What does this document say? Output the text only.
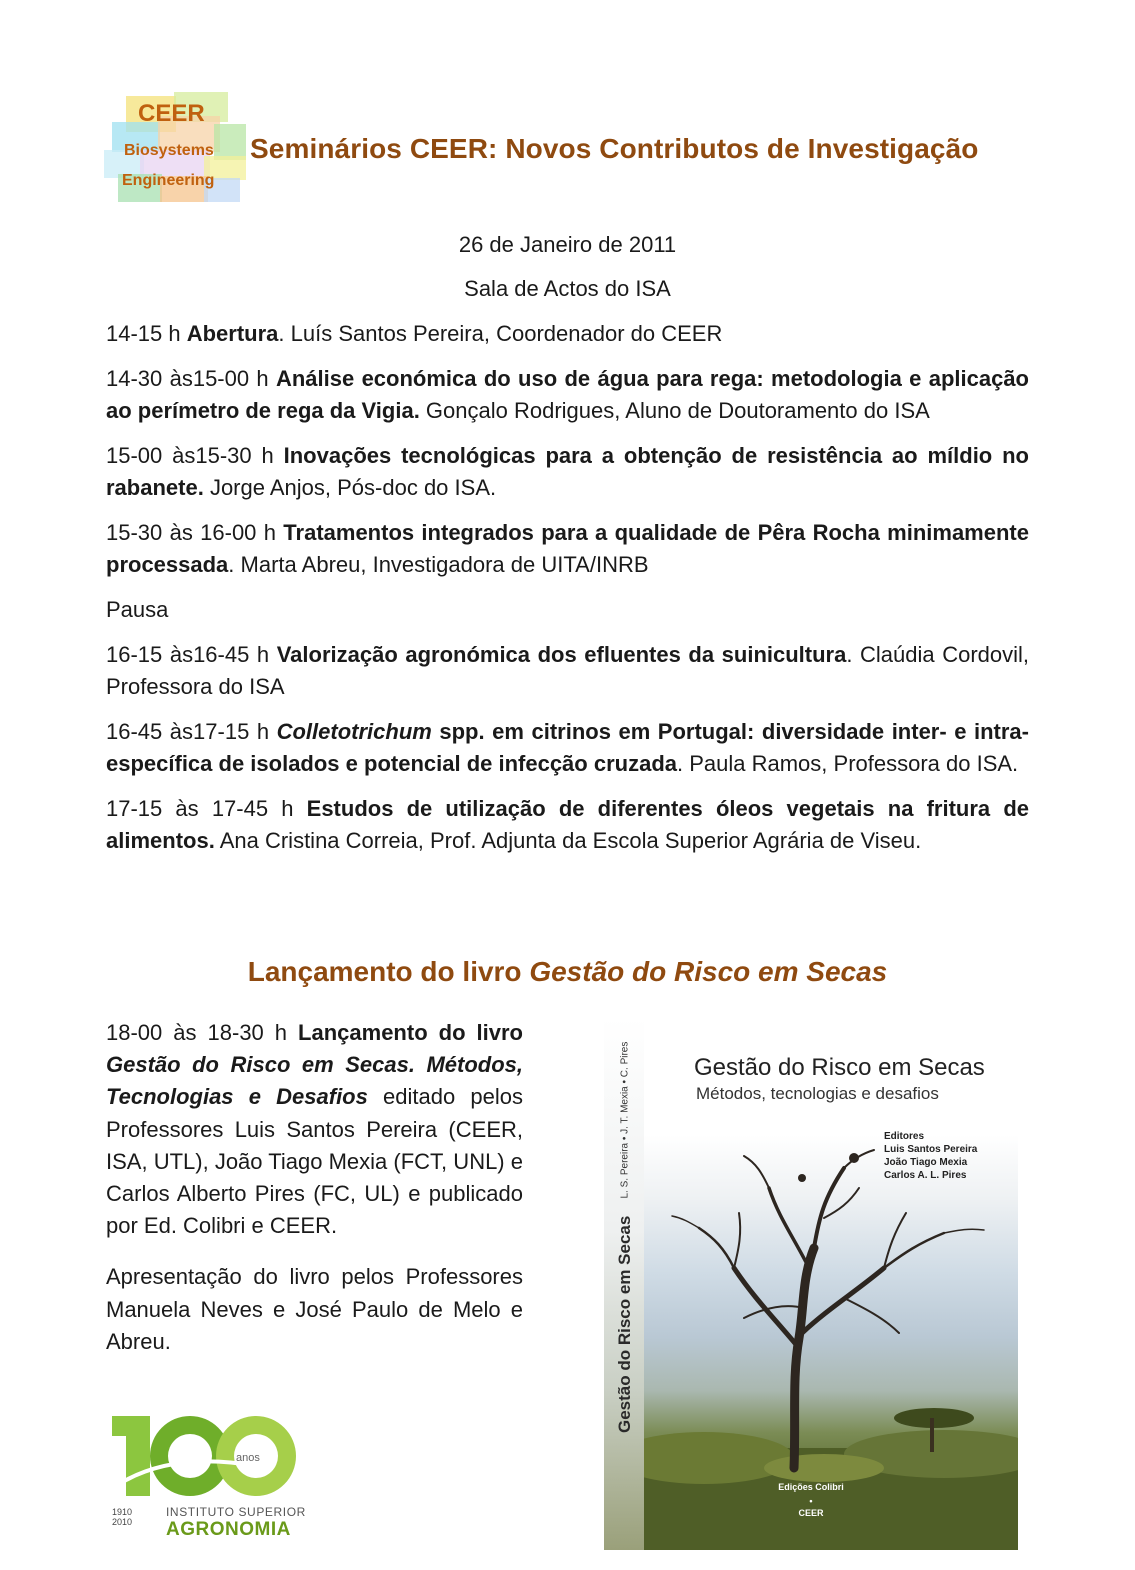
CEER
Biosystems
Engineering
Seminários CEER: Novos Contributos de Investigação
26 de Janeiro de 2011
Sala de Actos do ISA

14-15 h Abertura. Luís Santos Pereira, Coordenador do CEER

14-30 às15-00 h Análise económica do uso de água para rega: metodologia e aplicação ao perímetro de rega da Vigia. Gonçalo Rodrigues, Aluno de Doutoramento do ISA

15-00 às15-30 h Inovações tecnológicas para a obtenção de resistência ao míldio no rabanete. Jorge Anjos, Pós-doc do ISA.

15-30 às 16-00 h Tratamentos integrados para a qualidade de Pêra Rocha minimamente processada. Marta Abreu, Investigadora de UITA/INRB

Pausa

16-15 às16-45 h Valorização agronómica dos efluentes da suinicultura. Claúdia Cordovil, Professora do ISA

16-45 às17-15 h Colletotrichum spp. em citrinos em Portugal: diversidade inter- e intra-específica de isolados e potencial de infecção cruzada. Paula Ramos, Professora do ISA.

17-15 às 17-45 h Estudos de utilização de diferentes óleos vegetais na fritura de alimentos. Ana Cristina Correia, Prof. Adjunta da Escola Superior Agrária de Viseu.

Lançamento do livro Gestão do Risco em Secas

18-00 às 18-30 h Lançamento do livro Gestão do Risco em Secas. Métodos, Tecnologias e Desafios editado pelos Professores Luis Santos Pereira (CEER, ISA, UTL), João Tiago Mexia (FCT, UNL) e Carlos Alberto Pires (FC, UL) e publicado por Ed. Colibri e CEER.

Apresentação do livro pelos Professores Manuela Neves e José Paulo de Melo e Abreu.	Gestão do Risco em Secas
L. S. Pereira • J. T. Mexia • C. Pires	Gestão do Risco em Secas
Métodos, tecnologias e desafios
Editores
Luis Santos Pereira
João Tiago Mexia
Carlos A. L. Pires
Edições Colibri
•
CEER
anos
1910
2010
INSTITUTO SUPERIOR
AGRONOMIA
